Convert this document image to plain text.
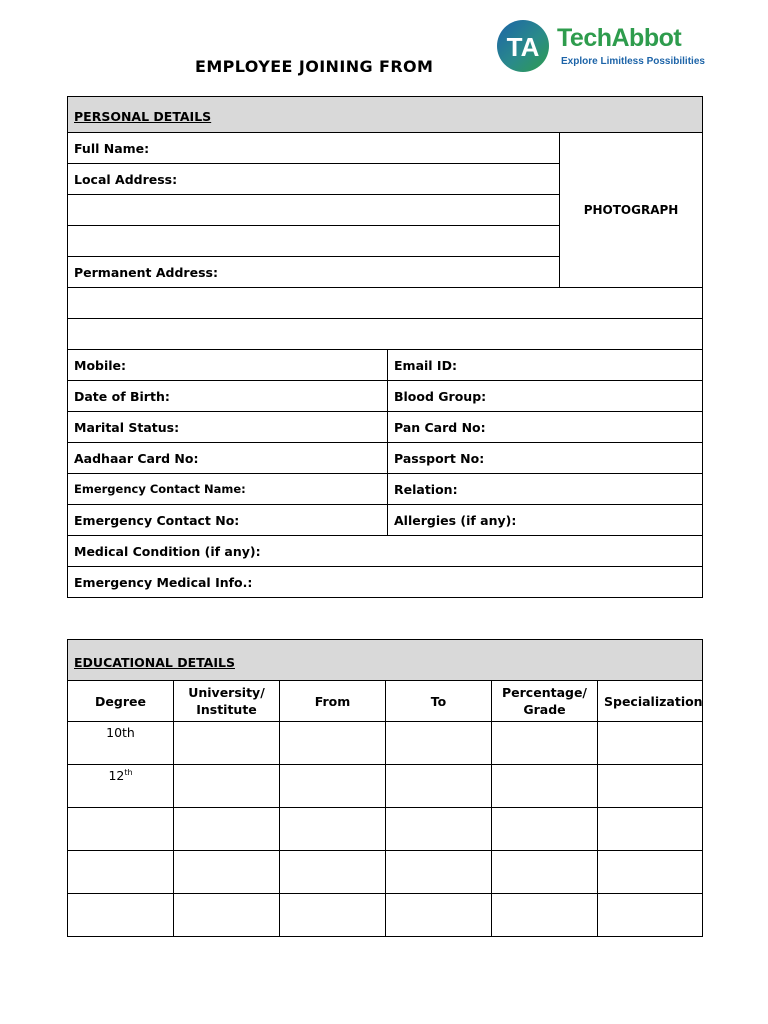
EMPLOYEE JOINING FROM
TA TechAbbot
Explore Limitless Possibilities
PERSONAL DETAILS		
Full Name:		PHOTOGRAPH
Local Address:		

Permanent Address:		

Mobile:	Email ID:	
Date of Birth:	Blood Group:	
Marital Status:	Pan Card No:	
Aadhaar Card No:	Passport No:	
Emergency Contact Name:	Relation:	
Emergency Contact No:	Allergies (if any):	
Medical Condition (if any):		
Emergency Medical Info.:		
EDUCATIONAL DETAILS					
Degree	University/ Institute	From	To	Percentage/ Grade	Specialization
10th					
12th					
